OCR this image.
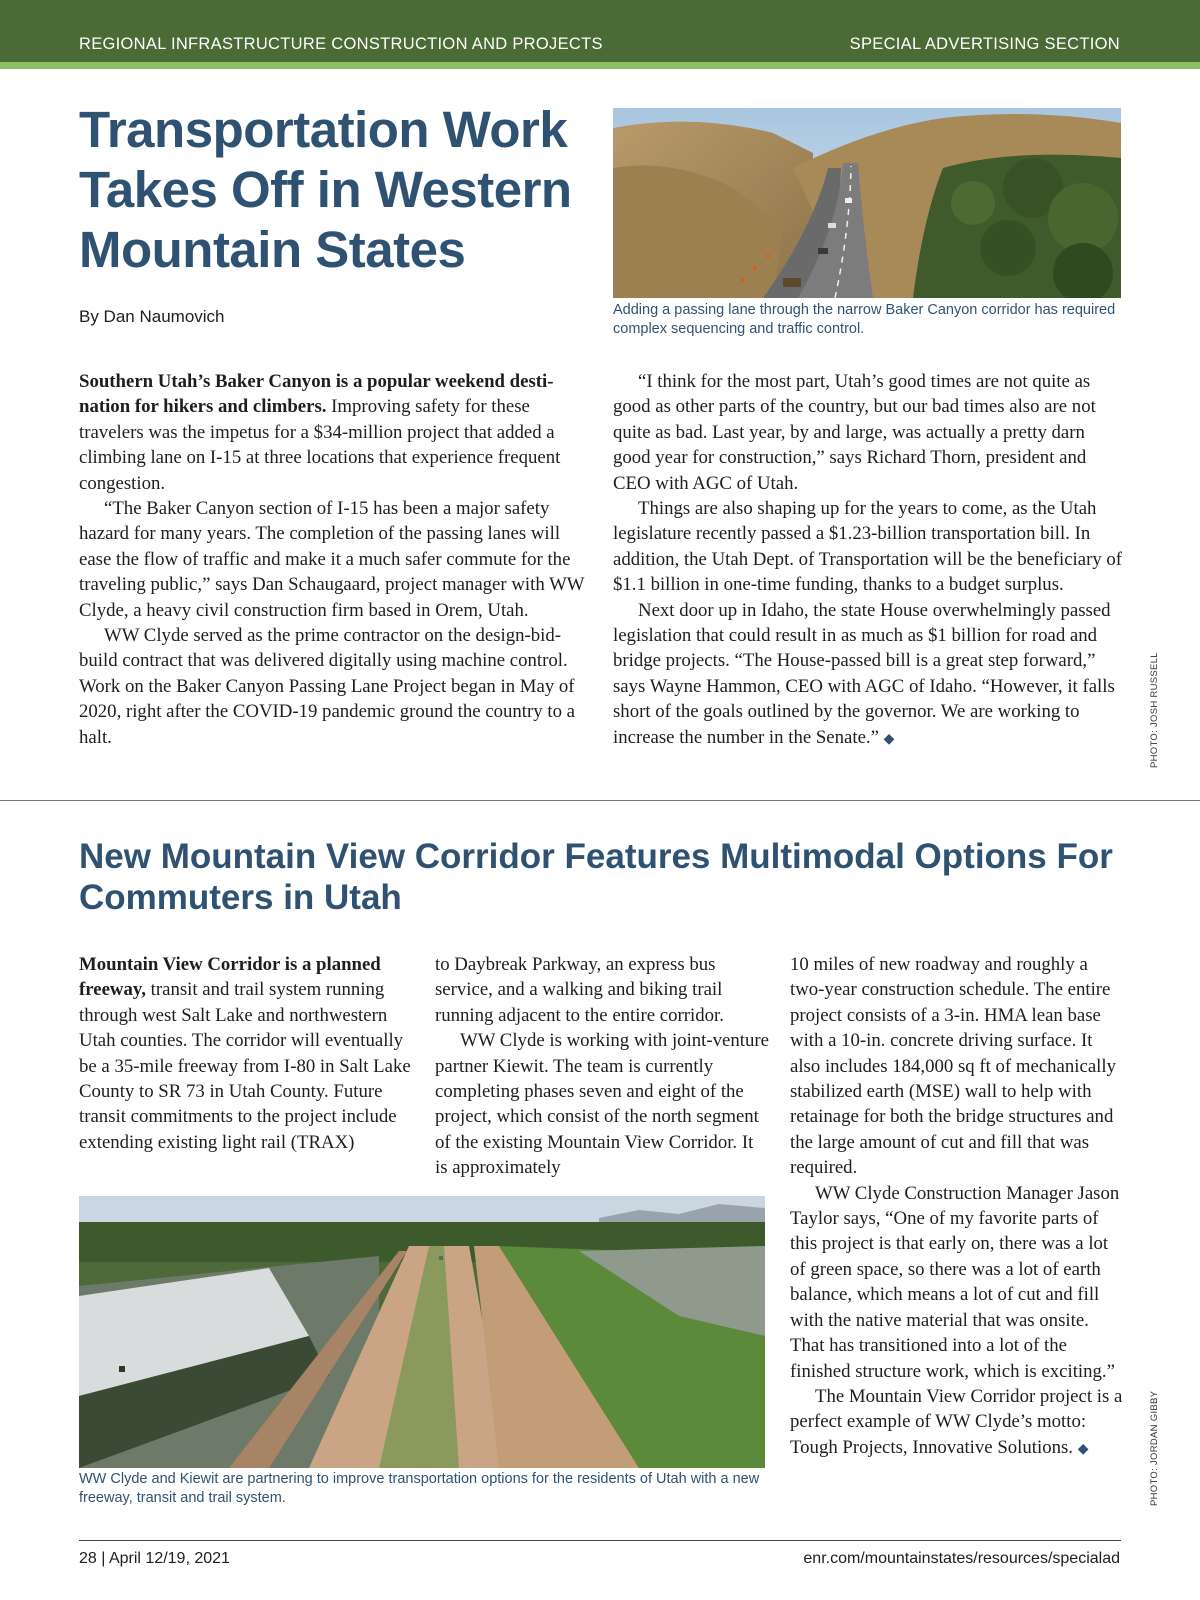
REGIONAL INFRASTRUCTURE CONSTRUCTION AND PROJECTS	SPECIAL ADVERTISING SECTION
Transportation Work Takes Off in Western Mountain States
By Dan Naumovich	Adding a passing lane through the narrow Baker Canyon corridor has required complex sequencing and traffic control.

Southern Utah’s Baker Canyon is a popular weekend destination for hikers and climbers. Improving safety for these travelers was the impetus for a $34-million project that added a climbing lane on I-15 at three locations that experience frequent congestion.

“The Baker Canyon section of I-15 has been a major safety hazard for many years. The completion of the passing lanes will ease the flow of traffic and make it a much safer commute for the traveling public,” says Dan Schaugaard, project manager with WW Clyde, a heavy civil construction firm based in Orem, Utah.

WW Clyde served as the prime contractor on the design-bid-build contract that was delivered digitally using machine control. Work on the Baker Canyon Passing Lane Project began in May of 2020, right after the COVID-19 pandemic ground the country to a halt.

“I think for the most part, Utah’s good times are not quite as good as other parts of the country, but our bad times also are not quite as bad. Last year, by and large, was actually a pretty darn good year for construction,” says Richard Thorn, president and CEO with AGC of Utah.

Things are also shaping up for the years to come, as the Utah legislature recently passed a $1.23-billion transportation bill. In addition, the Utah Dept. of Transportation will be the beneficiary of $1.1 billion in one-time funding, thanks to a budget surplus.

Next door up in Idaho, the state House overwhelmingly passed legislation that could result in as much as $1 billion for road and bridge projects. “The House-passed bill is a great step forward,” says Wayne Hammon, CEO with AGC of Idaho. “However, it falls short of the goals outlined by the governor. We are working to increase the number in the Senate.” ◆	PHOTO: JOSH RUSSELL
New Mountain View Corridor Features Multimodal Options For Commuters in Utah

Mountain View Corridor is a planned freeway, transit and trail system running through west Salt Lake and northwestern Utah counties. The corridor will eventually be a 35-mile freeway from I-80 in Salt Lake County to SR 73 in Utah County. Future transit commitments to the project include extending existing light rail (TRAX)

to Daybreak Parkway, an express bus service, and a walking and biking trail running adjacent to the entire corridor.

WW Clyde is working with joint-venture partner Kiewit. The team is currently completing phases seven and eight of the project, which consist of the north segment of the existing Mountain View Corridor. It is approximately

10 miles of new roadway and roughly a two-year construction schedule. The entire project consists of a 3-in. HMA lean base with a 10-in. concrete driving surface. It also includes 184,000 sq ft of mechanically stabilized earth (MSE) wall to help with retainage for both the bridge structures and the large amount of cut and fill that was required.

WW Clyde Construction Manager Jason Taylor says, “One of my favorite parts of this project is that early on, there was a lot of green space, so there was a lot of earth balance, which means a lot of cut and fill with the native material that was onsite. That has transitioned into a lot of the finished structure work, which is exciting.”

The Mountain View Corridor project is a perfect example of WW Clyde’s motto: Tough Projects, Innovative Solutions. ◆

WW Clyde and Kiewit are partnering to improve transportation options for the residents of Utah with a new freeway, transit and trail system.	PHOTO: JORDAN GIBBY
28 | April 12/19, 2021	enr.com/mountainstates/resources/specialad
